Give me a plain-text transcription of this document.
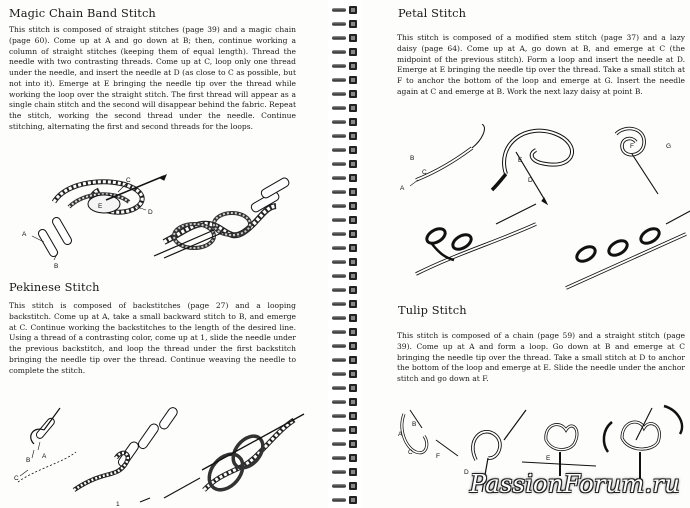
Magic Chain Band Stitch

This stitch is composed of straight stitches (page 39) and a magic chain (page 60). Come up at A and go down at B; then, continue working a column of straight stitches (keeping them of equal length). Thread the needle with two contrasting threads. Come up at C, loop only one thread under the needle, and insert the needle at D (as close to C as possible, but not into it). Emerge at E bringing the needle tip over the thread while working the loop over the straight stitch. The first thread will appear as a single chain stitch and the second will disappear behind the fabric. Repeat the stitch, working the second thread under the needle. Continue stitching, alternating the first and second threads for the loops.

A
B
C
D
E
Pekinese Stitch

This stitch is composed of backstitches (page 27) and a looping backstitch. Come up at A, take a small backward stitch to B, and emerge at C. Continue working the backstitches to the length of the desired line. Using a thread of a contrasting color, come up at 1, slide the needle under the previous backstitch, and loop the thread under the first backstitch bringing the needle tip over the thread. Continue weaving the needle to complete the stitch.

A
B
C
1
Petal Stitch

This stitch is composed of a modified stem stitch (page 37) and a lazy daisy (page 64). Come up at A, go down at B, and emerge at C (the midpoint of the previous stitch). Form a loop and insert the needle at D. Emerge at E bringing the needle tip over the thread. Take a small stitch at F to anchor the bottom of the loop and emerge at G. Insert the needle again at C and emerge at B. Work the next lazy daisy at point B.

A
B
C
D
E
F	G
Tulip Stitch

This stitch is composed of a chain (page 59) and a straight stitch (page 39). Come up at A and form a loop. Go down at B and emerge at C bringing the needle tip over the thread. Take a small stitch at D to anchor the bottom of the loop and emerge at E. Slide the needle under the anchor stitch and go down at F.

A
B
C
D
E
F
PassionForum.ru
